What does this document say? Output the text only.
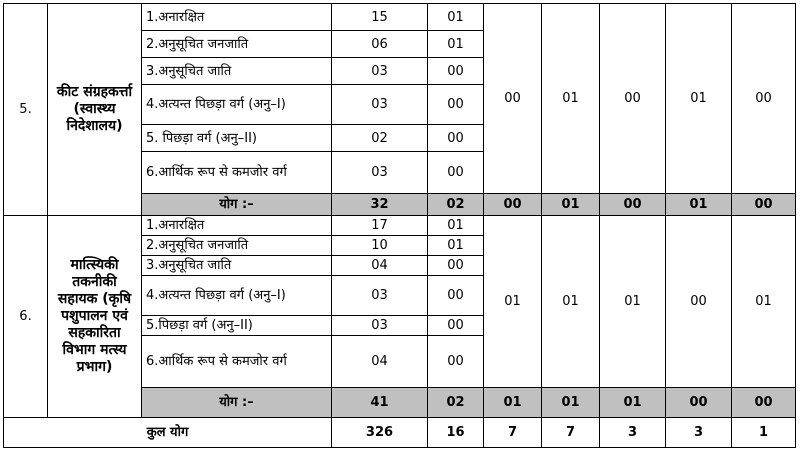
5.	कीट संग्रहकर्त्ता (स्वास्थ्य निदेशालय)	1.अनारक्षित	15	01	00	01	00	01	00
		2.अनुसूचित जनजाति	06	01					
		3.अनुसूचित जाति	03	00					
		4.अत्यन्त पिछड़ा वर्ग (अनु–I)	03	00					
		5. पिछड़ा वर्ग (अनु–II)	02	00					
		6.आर्थिक रूप से कमजोर वर्ग	03	00					
		योग :–	32	02	00	01	00	01	00
6.	मात्स्यिकी तकनीकी सहायक (कृषि पशुपालन एवं सहकारिता विभाग मत्स्य प्रभाग)	1.अनारक्षित	17	01	01	01	01	00	01
		2.अनुसूचित जनजाति	10	01					
		3.अनुसूचित जाति	04	00					
		4.अत्यन्त पिछड़ा वर्ग (अनु–I)	03	00					
		5.पिछड़ा वर्ग (अनु–II)	03	00					
		6.आर्थिक रूप से कमजोर वर्ग	04	00					
		योग :–	41	02	01	01	01	00	00
कुल योग			326	16	7	7	3	3	1
